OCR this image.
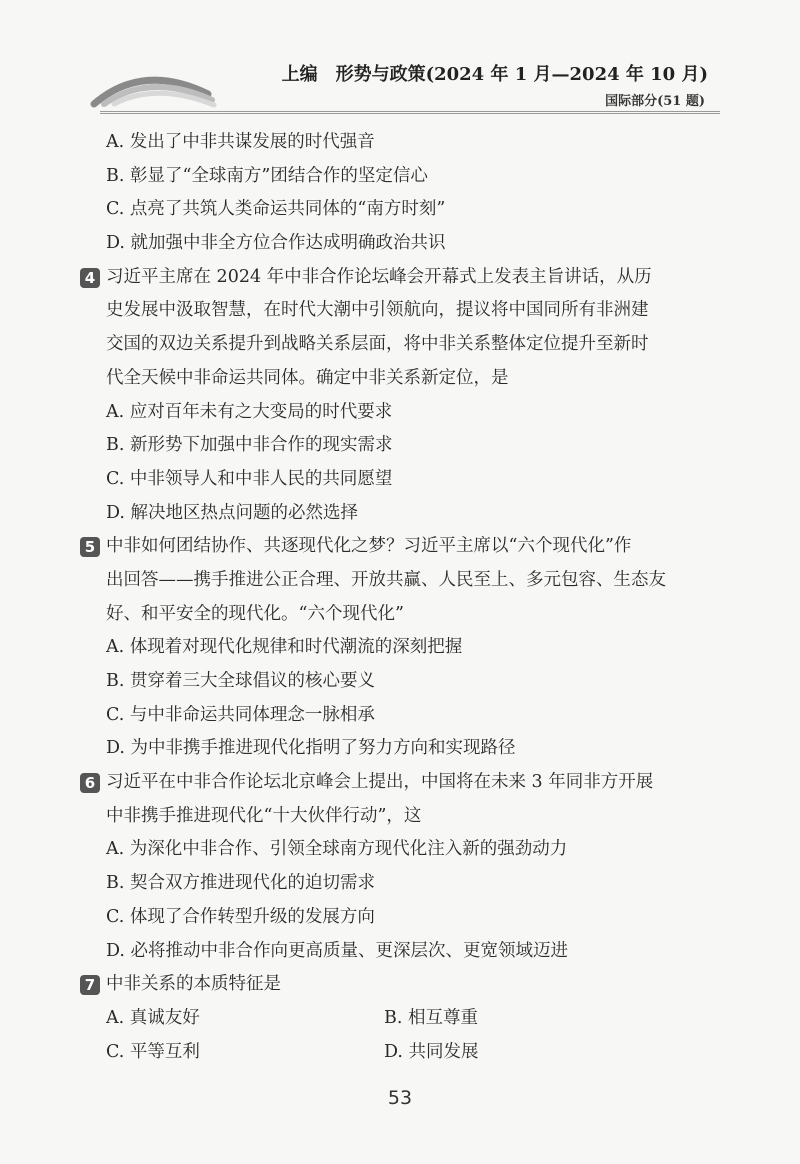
上编　形势与政策(2024 年 1 月—2024 年 10 月)
国际部分(51 题)
A. 发出了中非共谋发展的时代强音
B. 彰显了“全球南方”团结合作的坚定信心
C. 点亮了共筑人类命运共同体的“南方时刻”
D. 就加强中非全方位合作达成明确政治共识
4 习近平主席在 2024 年中非合作论坛峰会开幕式上发表主旨讲话，从历
史发展中汲取智慧，在时代大潮中引领航向，提议将中国同所有非洲建
交国的双边关系提升到战略关系层面，将中非关系整体定位提升至新时
代全天候中非命运共同体。确定中非关系新定位，是
A. 应对百年未有之大变局的时代要求
B. 新形势下加强中非合作的现实需求
C. 中非领导人和中非人民的共同愿望
D. 解决地区热点问题的必然选择
5 中非如何团结协作、共逐现代化之梦？习近平主席以“六个现代化”作
出回答——携手推进公正合理、开放共赢、人民至上、多元包容、生态友
好、和平安全的现代化。“六个现代化”
A. 体现着对现代化规律和时代潮流的深刻把握
B. 贯穿着三大全球倡议的核心要义
C. 与中非命运共同体理念一脉相承
D. 为中非携手推进现代化指明了努力方向和实现路径
6 习近平在中非合作论坛北京峰会上提出，中国将在未来 3 年同非方开展
中非携手推进现代化“十大伙伴行动”，这
A. 为深化中非合作、引领全球南方现代化注入新的强劲动力
B. 契合双方推进现代化的迫切需求
C. 体现了合作转型升级的发展方向
D. 必将推动中非合作向更高质量、更深层次、更宽领域迈进
7 中非关系的本质特征是
A. 真诚友好	B. 相互尊重
C. 平等互利	D. 共同发展
53
